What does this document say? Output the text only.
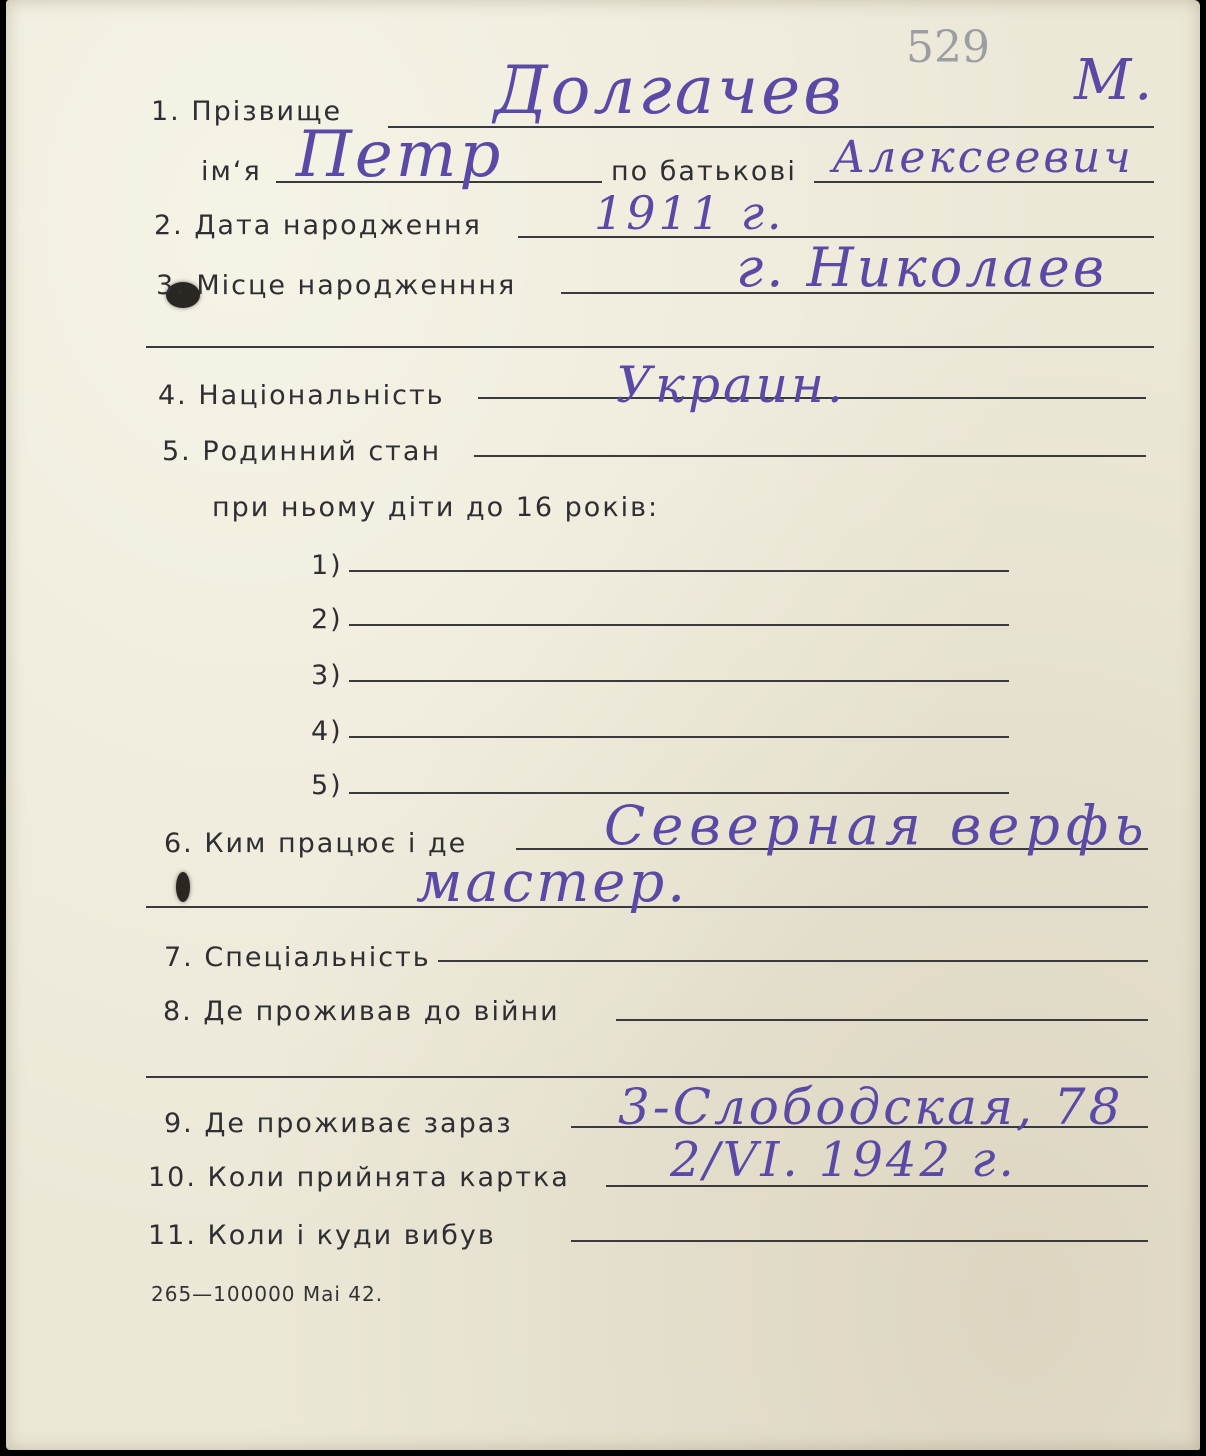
529
1. Прізвище Долгачев	М.
ім‘я Петр	по батькові Алексеевич
2. Дата народження 1911 г.
3. Місце народженння	г. Николаев
4. Національність	Украин.
5. Родинний стан
при ньому діти до 16 років:
1)
2)
3)
4)
5)
6. Ким працює і де	Северная верфь
мастер.
7. Спеціальність
8. Де проживав до війни
9. Де проживає зараз 3-Слободская, 78
10. Коли прийнята картка 2/VI. 1942 г.
11. Коли і куди вибув
265—100000 Маі 42.
